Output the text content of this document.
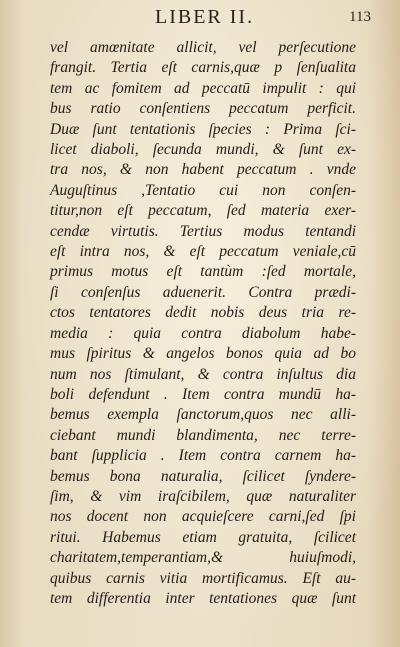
LIBER II.	113
vel amœnitate allicit, vel perſecutione
frangit. Tertia eſt carnis,quæ p ſenſualita
tem ac fomitem ad peccatū impulit : qui
bus ratio conſentiens peccatum perficit.
Duæ ſunt tentationis ſpecies : Prima ſci-
licet diaboli, ſecunda mundi, & ſunt ex-
tra nos, & non habent peccatum . vnde
Auguſtinus ,Tentatio cui non conſen-
titur,non eſt peccatum, ſed materia exer-
cendæ virtutis. Tertius modus tentandi
eſt intra nos, & eſt peccatum veniale,cū
primus motus eſt tantùm :ſed mortale,
ſi conſenſus aduenerit. Contra prædi-
ctos tentatores dedit nobis deus tria re-
media : quia contra diabolum habe-
mus ſpiritus & angelos bonos quia ad bo
num nos ſtimulant, & contra inſultus dia
boli defendunt . Item contra mundū ha-
bemus exempla ſanctorum,quos nec alli-
ciebant mundi blandimenta, nec terre-
bant ſupplicia . Item contra carnem ha-
bemus bona naturalia, ſcilicet ſyndere-
ſim, & vim iraſcibilem, quæ naturaliter
nos docent non acquieſcere carni,ſed ſpi
ritui. Habemus etiam gratuita, ſcilicet
charitatem,temperantiam,& huiuſmodi,
quibus carnis vitia mortificamus. Eſt au-
tem differentia inter tentationes quæ ſunt
